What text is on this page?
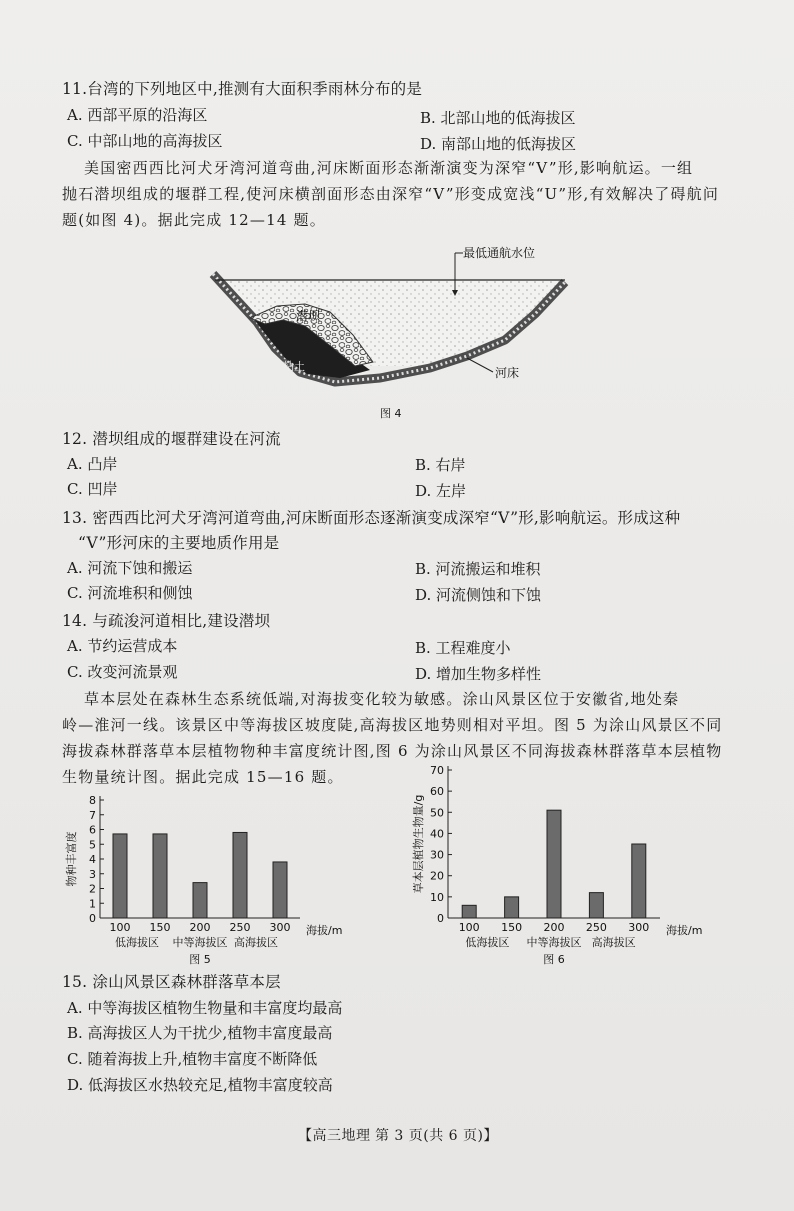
11.台湾的下列地区中,推测有大面积季雨林分布的是
A. 西部平原的沿海区	B. 北部山地的低海拔区
C. 中部山地的高海拔区	D. 南部山地的低海拔区
美国密西西比河犬牙湾河道弯曲,河床断面形态渐渐演变为深窄“V”形,影响航运。一组
抛石潜坝组成的堰群工程,使河床横剖面形态由深窄“V”形变成宽浅“U”形,有效解决了碍航问
题(如图 4)。据此完成 12—14 题。
最低通航水位
潜坝
粘土	河床
图 4
12. 潜坝组成的堰群建设在河流
A. 凸岸	B. 右岸
C. 凹岸	D. 左岸
13. 密西西比河犬牙湾河道弯曲,河床断面形态逐渐演变成深窄“V”形,影响航运。形成这种
“V”形河床的主要地质作用是
A. 河流下蚀和搬运	B. 河流搬运和堆积
C. 河流堆积和侧蚀	D. 河流侧蚀和下蚀
14. 与疏浚河道相比,建设潜坝
A. 节约运营成本	B. 工程难度小
C. 改变河流景观	D. 增加生物多样性
草本层处在森林生态系统低端,对海拔变化较为敏感。涂山风景区位于安徽省,地处秦
岭—淮河一线。该景区中等海拔区坡度陡,高海拔区地势则相对平坦。图 5 为涂山风景区不同
海拔森林群落草本层植物物种丰富度统计图,图 6 为涂山风景区不同海拔森林群落草本层植物
生物量统计图。据此完成 15—16 题。
0
1
2
3
4
5
6
7
8
100 150 200 250 300
低海拔区 中等海拔区 高海拔区
海拔/m
物种丰富度
图 5
0
10
20
30
40
50
60
70
100 150 200 250 300
低海拔区 中等海拔区 高海拔区
海拔/m
草本层植物生物量/g
图 6
15. 涂山风景区森林群落草本层
A. 中等海拔区植物生物量和丰富度均最高
B. 高海拔区人为干扰少,植物丰富度最高
C. 随着海拔上升,植物丰富度不断降低
D. 低海拔区水热较充足,植物丰富度较高
【高三地理 第 3 页(共 6 页)】
